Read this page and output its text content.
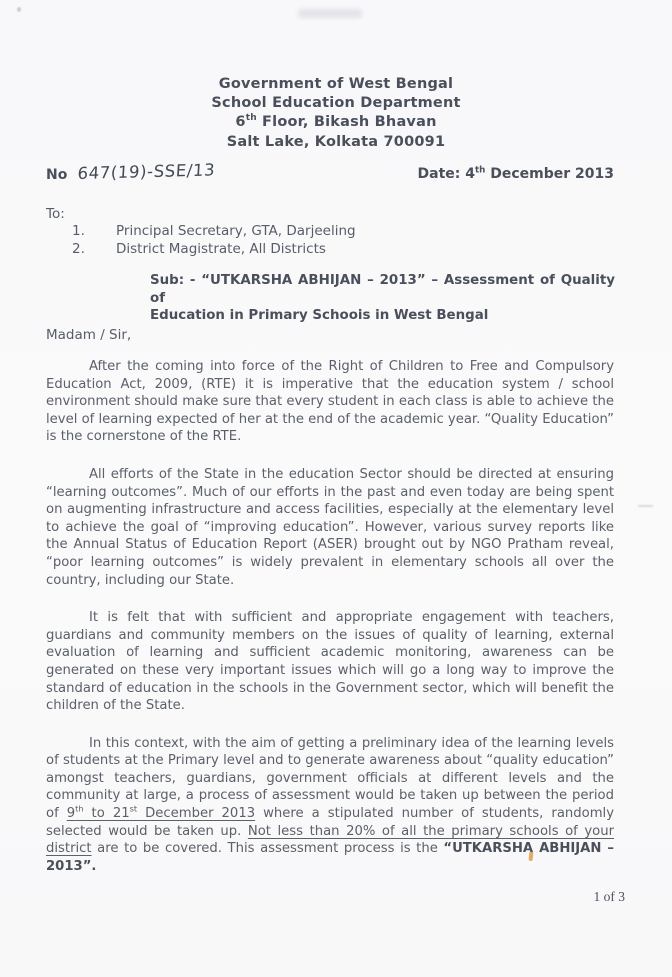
Government of West Bengal
School Education Department
6th Floor, Bikash Bhavan
Salt Lake, Kolkata 700091
No 647(19)-SSE/13	Date: 4th December 2013
To:
1. Principal Secretary, GTA, Darjeeling
2. District Magistrate, All Districts
Sub: - “UTKARSHA ABHIJAN – 2013” – Assessment of Quality of
Education in Primary Schoois in West Bengal
Madam / Sir,

After the coming into force of the Right of Children to Free and Compulsory Education Act, 2009, (RTE) it is imperative that the education system / school environment should make sure that every student in each class is able to achieve the level of learning expected of her at the end of the academic year. “Quality Education” is the cornerstone of the RTE.

All efforts of the State in the education Sector should be directed at ensuring “learning outcomes”. Much of our efforts in the past and even today are being spent on augmenting infrastructure and access facilities, especially at the elementary level to achieve the goal of “improving education”. However, various survey reports like the Annual Status of Education Report (ASER) brought out by NGO Pratham reveal, “poor learning outcomes” is widely prevalent in elementary schools all over the country, including our State.

It is felt that with sufficient and appropriate engagement with teachers, guardians and community members on the issues of quality of learning, external evaluation of learning and sufficient academic monitoring, awareness can be generated on these very important issues which will go a long way to improve the standard of education in the schools in the Government sector, which will benefit the children of the State.

In this context, with the aim of getting a preliminary idea of the learning levels of students at the Primary level and to generate awareness about “quality education” amongst teachers, guardians, government officials at different levels and the community at large, a process of assessment would be taken up between the period of 9th to 21st December 2013 where a stipulated number of students, randomly selected would be taken up. Not less than 20% of all the primary schools of your district are to be covered. This assessment process is the “UTKARSHA ABHIJAN – 2013”.

1 of 3
